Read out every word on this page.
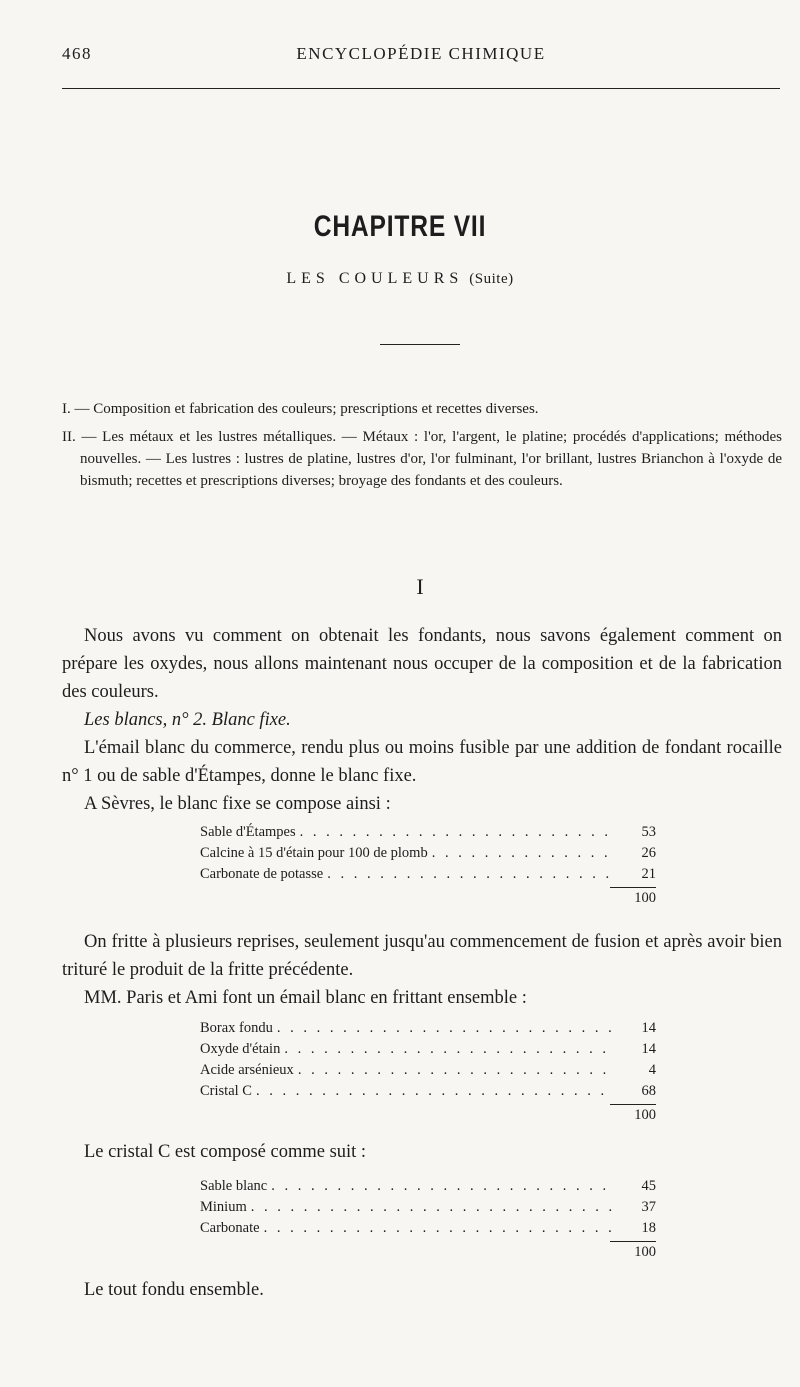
468	ENCYCLOPÉDIE CHIMIQUE
CHAPITRE VII
LES COULEURS (Suite)

I. — Composition et fabrication des couleurs; prescriptions et recettes diverses.

II. — Les métaux et les lustres métalliques. — Métaux : l'or, l'argent, le platine; procédés d'applications; méthodes nouvelles. — Les lustres : lustres de platine, lustres d'or, l'or fulminant, l'or brillant, lustres Brianchon à l'oxyde de bismuth; recettes et prescriptions diverses; broyage des fondants et des couleurs.

I

Nous avons vu comment on obtenait les fondants, nous savons également comment on prépare les oxydes, nous allons maintenant nous occuper de la composition et de la fabrication des couleurs.

Les blancs, n° 2. Blanc fixe.

L'émail blanc du commerce, rendu plus ou moins fusible par une addition de fondant rocaille n° 1 ou de sable d'Étampes, donne le blanc fixe.

A Sèvres, le blanc fixe se compose ainsi :

Sable d'Étampes . . .	53
Calcine à 15 d'étain pour 100 de plomb . . .	26
Carbonate de potasse . . .	21
100

On fritte à plusieurs reprises, seulement jusqu'au commencement de fusion et après avoir bien trituré le produit de la fritte précédente.

MM. Paris et Ami font un émail blanc en frittant ensemble :

Borax fondu . . .	14
Oxyde d'étain . . .	14
Acide arsénieux . . .	4
Cristal C . . .	68
100

Le cristal C est composé comme suit :

Sable blanc . . .	45
Minium . . .	37
Carbonate . . .	18
100

Le tout fondu ensemble.
